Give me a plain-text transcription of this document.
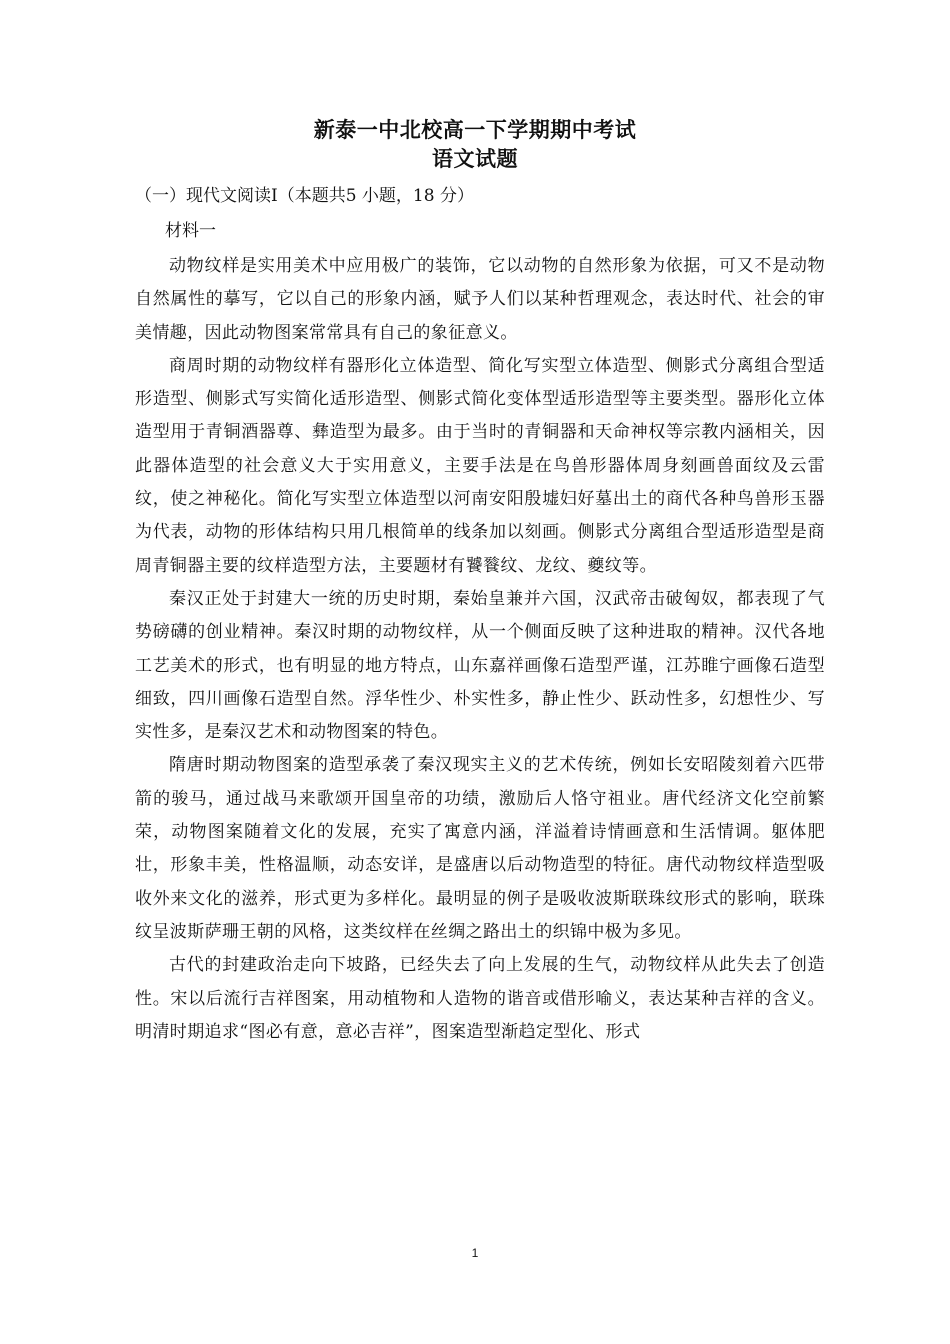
新泰一中北校高一下学期期中考试
语文试题
（一）现代文阅读Ⅰ（本题共5 小题，18 分）
材料一

动物纹样是实用美术中应用极广的装饰，它以动物的自然形象为依据，可又不是动物自然属性的摹写，它以自己的形象内涵，赋予人们以某种哲理观念，表达时代、社会的审美情趣，因此动物图案常常具有自己的象征意义。

商周时期的动物纹样有器形化立体造型、简化写实型立体造型、侧影式分离组合型适形造型、侧影式写实简化适形造型、侧影式简化变体型适形造型等主要类型。器形化立体造型用于青铜酒器尊、彝造型为最多。由于当时的青铜器和天命神权等宗教内涵相关，因此器体造型的社会意义大于实用意义，主要手法是在鸟兽形器体周身刻画兽面纹及云雷纹，使之神秘化。简化写实型立体造型以河南安阳殷墟妇好墓出土的商代各种鸟兽形玉器为代表，动物的形体结构只用几根简单的线条加以刻画。侧影式分离组合型适形造型是商周青铜器主要的纹样造型方法，主要题材有饕餮纹、龙纹、夔纹等。

秦汉正处于封建大一统的历史时期，秦始皇兼并六国，汉武帝击破匈奴，都表现了气势磅礴的创业精神。秦汉时期的动物纹样，从一个侧面反映了这种进取的精神。汉代各地工艺美术的形式，也有明显的地方特点，山东嘉祥画像石造型严谨，江苏睢宁画像石造型细致，四川画像石造型自然。浮华性少、朴实性多，静止性少、跃动性多，幻想性少、写实性多，是秦汉艺术和动物图案的特色。

隋唐时期动物图案的造型承袭了秦汉现实主义的艺术传统，例如长安昭陵刻着六匹带箭的骏马，通过战马来歌颂开国皇帝的功绩，激励后人恪守祖业。唐代经济文化空前繁荣，动物图案随着文化的发展，充实了寓意内涵，洋溢着诗情画意和生活情调。躯体肥壮，形象丰美，性格温顺，动态安详，是盛唐以后动物造型的特征。唐代动物纹样造型吸收外来文化的滋养，形式更为多样化。最明显的例子是吸收波斯联珠纹形式的影响，联珠纹呈波斯萨珊王朝的风格，这类纹样在丝绸之路出土的织锦中极为多见。

古代的封建政治走向下坡路，已经失去了向上发展的生气，动物纹样从此失去了创造性。宋以后流行吉祥图案，用动植物和人造物的谐音或借形喻义，表达某种吉祥的含义。明清时期追求“图必有意，意必吉祥”，图案造型渐趋定型化、形式

1
